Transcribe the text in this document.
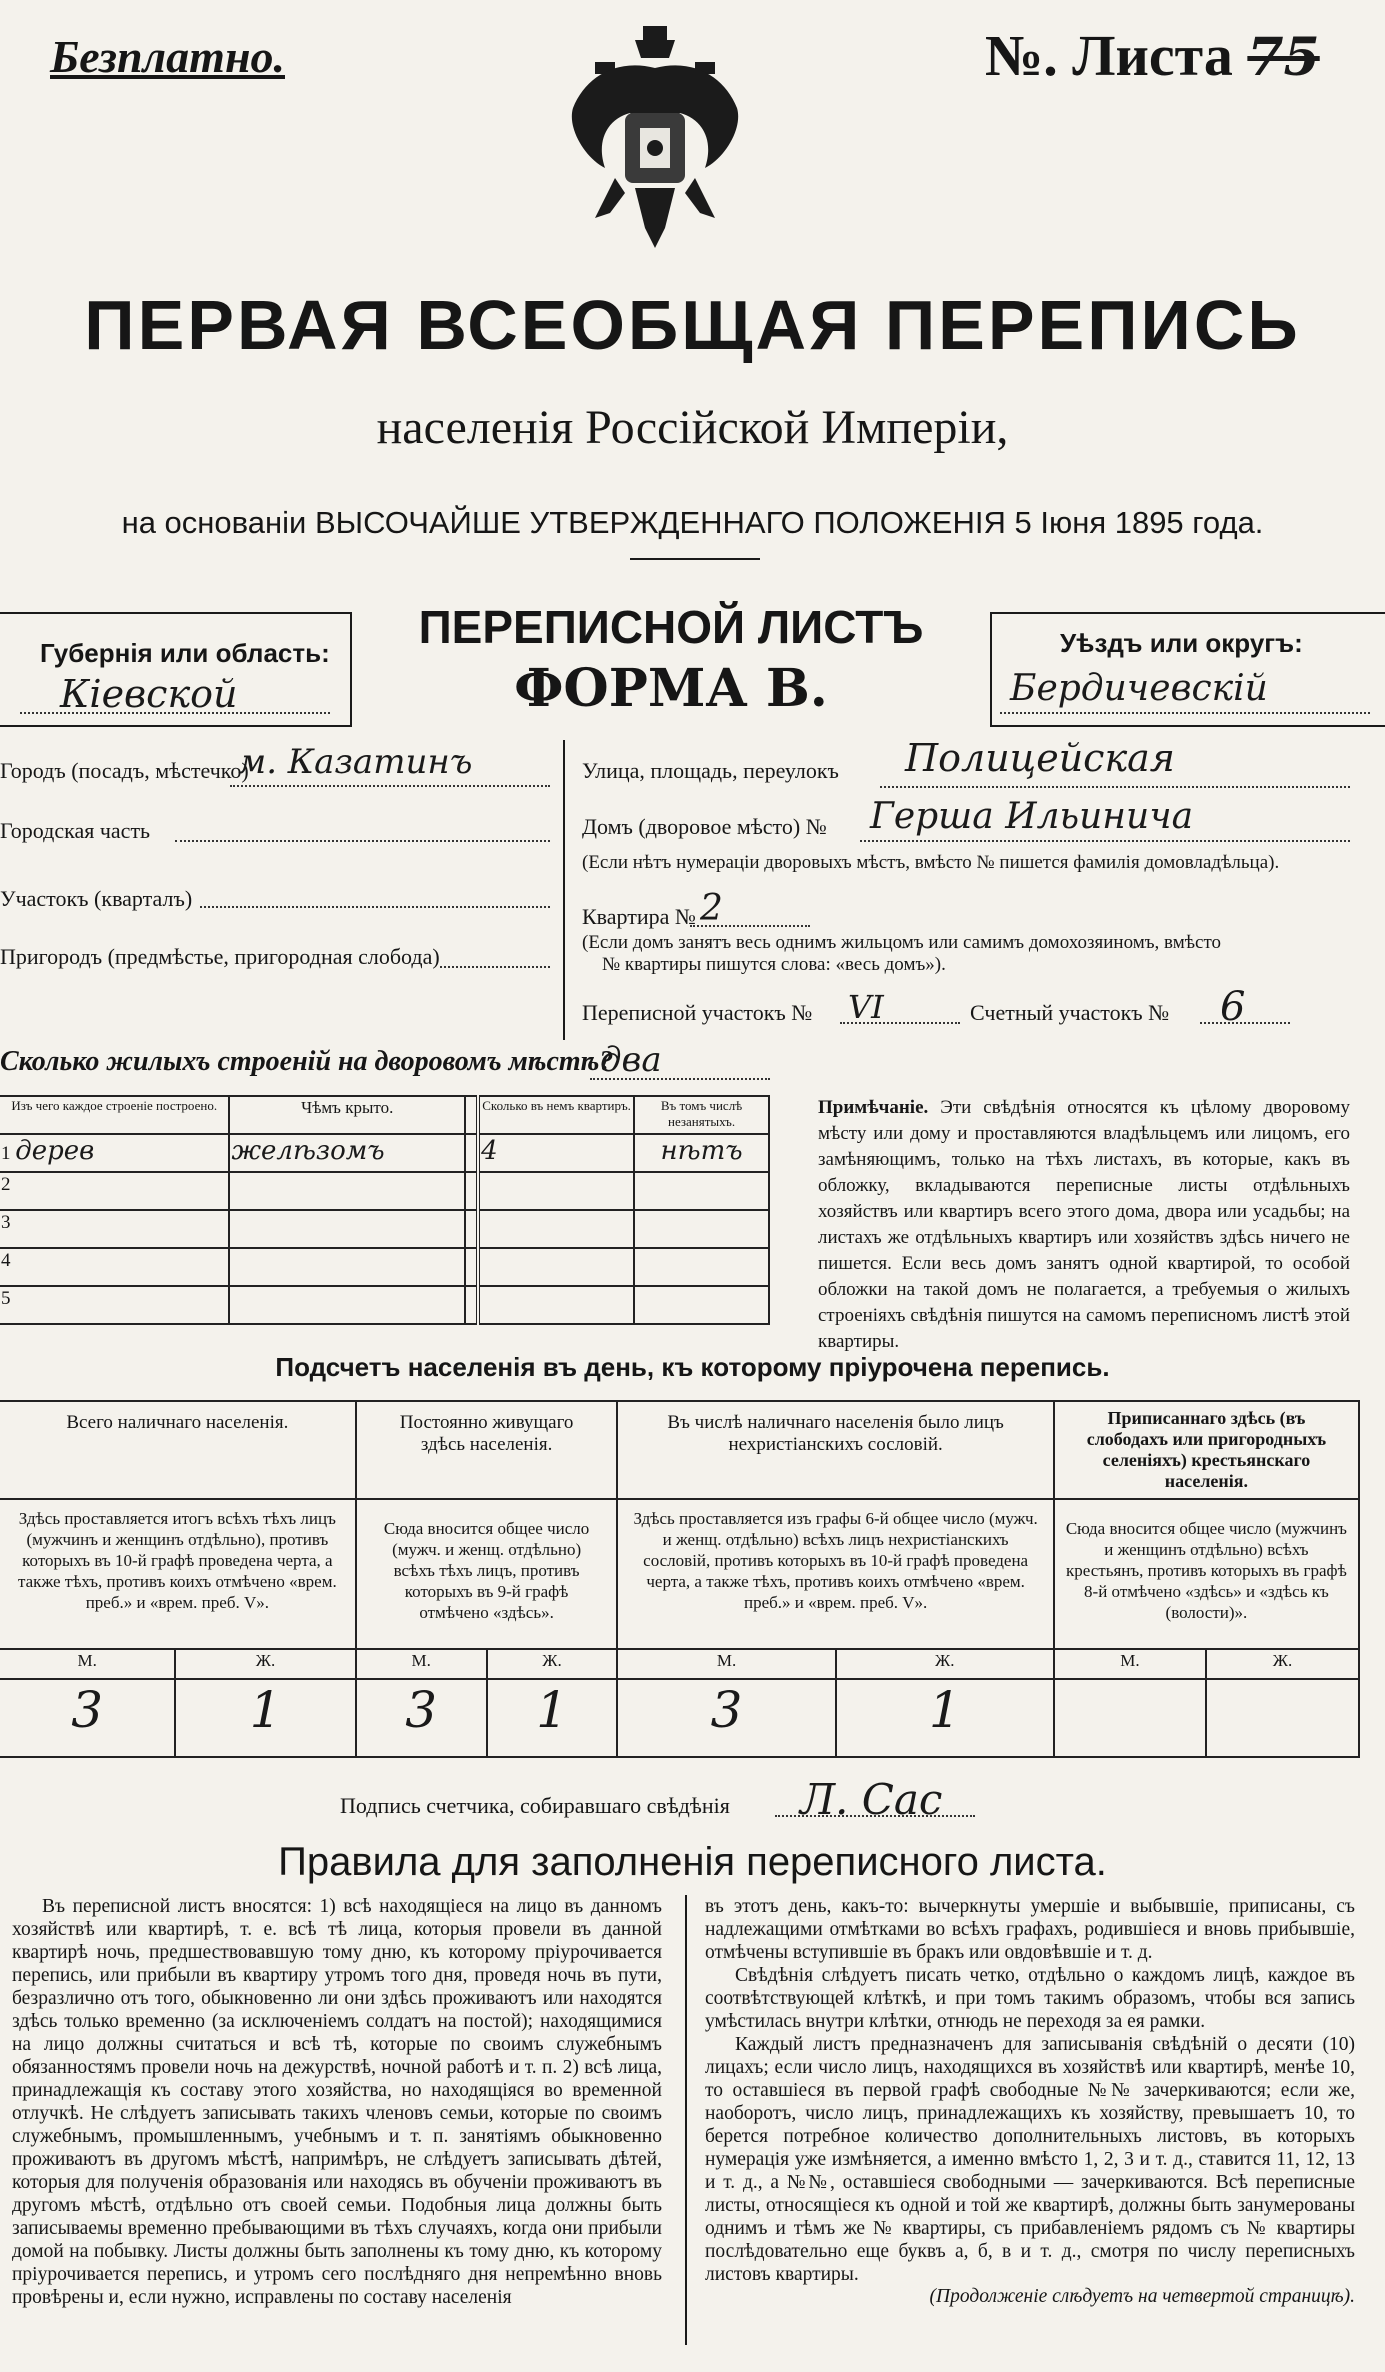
Безплатно.	№. Листа 75
ПЕРВАЯ ВСЕОБЩАЯ ПЕРЕПИСЬ
населенія Россійской Имперіи,
на основаніи ВЫСОЧАЙШЕ УТВЕРЖДЕННАГО ПОЛОЖЕНІЯ 5 Іюня 1895 года.
Губернія или область:
Кіевской
ПЕРЕПИСНОЙ ЛИСТЪ
ФОРМА В.
Уѣздъ или округъ:
Бердичевскій
Городъ (посадъ, мѣстечко)
м. Казатинъ
Городская часть
Участокъ (кварталъ)
Пригородъ (предмѣстье, пригородная слобода)
Улица, площадь, переулокъ Полицейская
Домъ (дворовое мѣсто) № Герша Ильинича
(Если нѣтъ нумераціи дворовыхъ мѣстъ, вмѣсто № пишется фамилія домовладѣльца).
Квартира № 2
(Если домъ занятъ весь однимъ жильцомъ или самимъ домохозяиномъ, вмѣсто
№ квартиры пишутся слова: «весь домъ»).
Переписной участокъ № VI	Счетный участокъ № 6
Сколько жилыхъ строеній на дворовомъ мѣстѣ?
два
Изъ чего каждое строеніе построено.	Чѣмъ крыто.		Сколько въ немъ квартиръ.	Въ томъ числѣ незанятыхъ.
1 дерев	желѣзомъ		4	нѣтъ
2				
3				
4				
5				
Примѣчаніе. Эти свѣдѣнія относятся къ цѣлому дворовому мѣсту или дому и проставляются владѣльцемъ или лицомъ, его замѣняющимъ, только на тѣхъ листахъ, въ которые, какъ въ обложку, вкладываются переписные листы отдѣльныхъ хозяйствъ или квартиръ всего этого дома, двора или усадьбы; на листахъ же отдѣльныхъ квартиръ или хозяйствъ здѣсь ничего не пишется. Если весь домъ занятъ одной квартирой, то особой обложки на такой домъ не полагается, а требуемыя о жилыхъ строеніяхъ свѣдѣнія пишутся на самомъ переписномъ листѣ этой квартиры.
Подсчетъ населенія въ день, къ которому пріурочена перепись.
Всего наличнаго населенія.		Постоянно живущаго здѣсь населенія.		Въ числѣ наличнаго населенія было лицъ нехристіанскихъ сословій.		Приписаннаго здѣсь (въ слободахъ или пригородныхъ селеніяхъ) крестьянскаго населенія.	
Здѣсь проставляется итогъ всѣхъ тѣхъ лицъ (мужчинъ и женщинъ отдѣльно), противъ которыхъ въ 10-й графѣ проведена черта, а также тѣхъ, противъ коихъ отмѣчено «врем. преб.» и «врем. преб. V».		Сюда вносится общее число (мужч. и женщ. отдѣльно) всѣхъ тѣхъ лицъ, противъ которыхъ въ 9-й графѣ отмѣчено «здѣсь».		Здѣсь проставляется изъ графы 6-й общее число (мужч. и женщ. отдѣльно) всѣхъ лицъ нехристіанскихъ сословій, противъ которыхъ въ 10-й графѣ проведена черта, а также тѣхъ, противъ коихъ отмѣчено «врем. преб.» и «врем. преб. V».		Сюда вносится общее число (мужчинъ и женщинъ отдѣльно) всѣхъ крестьянъ, противъ которыхъ въ графѣ 8-й отмѣчено «здѣсь» и «здѣсь къ (волости)».	
М.	Ж.	М.	Ж.	М.	Ж.	М.	Ж.
3	1	3	1	3	1		
Подпись счетчика, собиравшаго свѣдѣнія Л. Сас
Правила для заполненія переписного листа.
Въ переписной листъ вносятся: 1) всѣ находящіеся на лицо въ данномъ хозяйствѣ или квартирѣ, т. е. всѣ тѣ лица, которыя провели въ данной квартирѣ ночь, предшествовавшую тому дню, къ которому пріурочивается перепись, или прибыли въ квартиру утромъ того дня, проведя ночь въ пути, безразлично отъ того, обыкновенно ли они здѣсь проживаютъ или находятся здѣсь только временно (за исключеніемъ солдатъ на постой); находящимися на лицо должны считаться и всѣ тѣ, которые по своимъ служебнымъ обязанностямъ провели ночь на дежурствѣ, ночной работѣ и т. п. 2) всѣ лица, принадлежащія къ составу этого хозяйства, но находящіяся во временной отлучкѣ. Не слѣдуетъ записывать такихъ членовъ семьи, которые по своимъ служебнымъ, промышленнымъ, учебнымъ и т. п. занятіямъ обыкновенно проживаютъ въ другомъ мѣстѣ, напримѣръ, не слѣдуетъ записывать дѣтей, которыя для полученія образованія или находясь въ обученіи проживаютъ въ другомъ мѣстѣ, отдѣльно отъ своей семьи. Подобныя лица должны быть записываемы временно пребывающими въ тѣхъ случаяхъ, когда они прибыли домой на побывку. Листы должны быть заполнены къ тому дню, къ которому пріурочивается перепись, и утромъ сего послѣдняго дня непремѣнно вновь провѣрены и, если нужно, исправлены по составу населенія
въ этотъ день, какъ-то: вычеркнуты умершіе и выбывшіе, приписаны, съ надлежащими отмѣтками во всѣхъ графахъ, родившіеся и вновь прибывшіе, отмѣчены вступившіе въ бракъ или овдовѣвшіе и т. д.
Свѣдѣнія слѣдуетъ писать четко, отдѣльно о каждомъ лицѣ, каждое въ соотвѣтствующей клѣткѣ, и при томъ такимъ образомъ, чтобы вся запись умѣстилась внутри клѣтки, отнюдь не переходя за ея рамки.
Каждый листъ предназначенъ для записыванія свѣдѣній о десяти (10) лицахъ; если число лицъ, находящихся въ хозяйствѣ или квартирѣ, менѣе 10, то оставшіеся въ первой графѣ свободные №№ зачеркиваются; если же, наоборотъ, число лицъ, принадлежащихъ къ хозяйству, превышаетъ 10, то берется потребное количество дополнительныхъ листовъ, въ которыхъ нумерація уже измѣняется, а именно вмѣсто 1, 2, 3 и т. д., ставится 11, 12, 13 и т. д., а №№, оставшіеся свободными — зачеркиваются. Всѣ переписные листы, относящіеся къ одной и той же квартирѣ, должны быть занумерованы однимъ и тѣмъ же № квартиры, съ прибавленіемъ рядомъ съ № квартиры послѣдовательно еще буквъ а, б, в и т. д., смотря по числу переписныхъ листовъ квартиры.
(Продолженіе слѣдуетъ на четвертой страницѣ).
